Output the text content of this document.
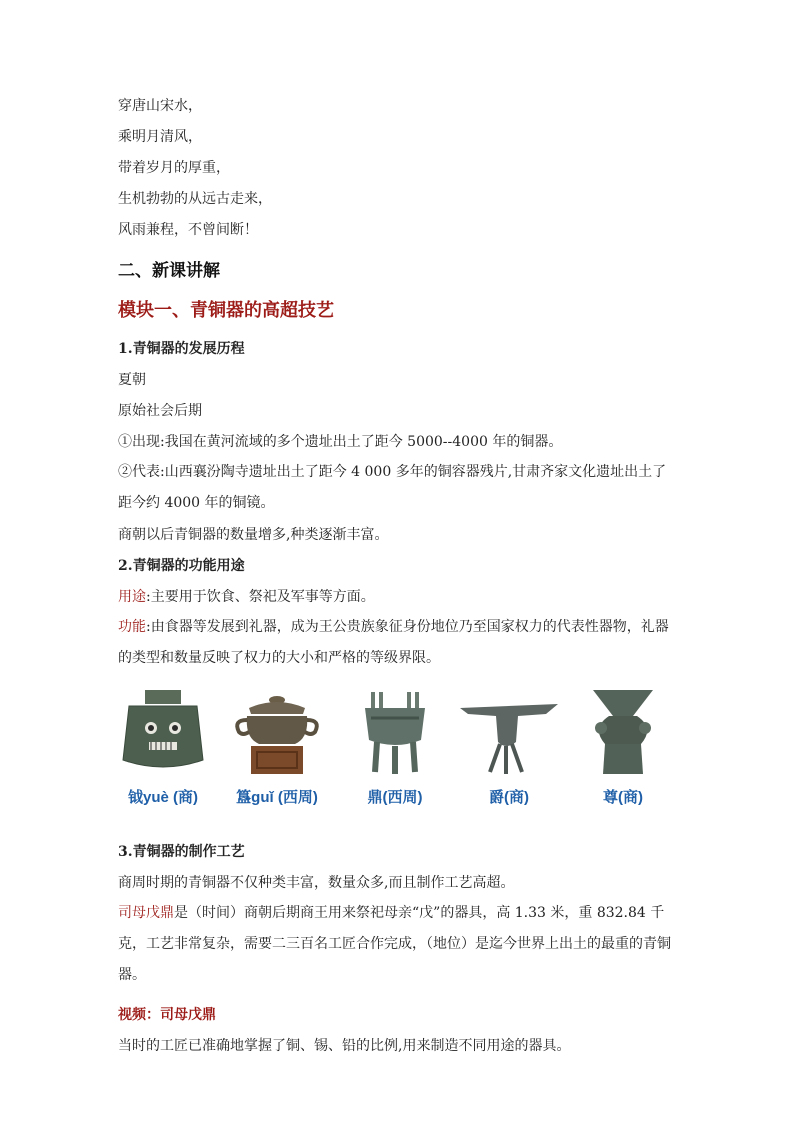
穿唐山宋水，

乘明月清风，

带着岁月的厚重，

生机勃勃的从远古走来，

风雨兼程，不曾间断！

二、新课讲解
模块一、青铜器的高超技艺
1.青铜器的发展历程

夏朝

原始社会后期

①出现:我国在黄河流域的多个遗址出土了距今 5000--4000 年的铜器。

②代表:山西襄汾陶寺遗址出土了距今 4 000 多年的铜容器残片,甘肃齐家文化遗址出土了距今约 4000 年的铜镜。

商朝以后青铜器的数量增多,种类逐渐丰富。

2.青铜器的功能用途

用途:主要用于饮食、祭祀及军事等方面。

功能:由食器等发展到礼器，成为王公贵族象征身份地位乃至国家权力的代表性器物，礼器的类型和数量反映了权力的大小和严格的等级界限。

钺yuè (商)	簋guǐ (西周)	鼎(西周)	爵(商)	尊(商)
3.青铜器的制作工艺

商周时期的青铜器不仅种类丰富，数量众多,而且制作工艺高超。

司母戊鼎是（时间）商朝后期商王用来祭祀母亲“戊”的器具，高 1.33 米，重 832.84 千克，工艺非常复杂，需要二三百名工匠合作完成，（地位）是迄今世界上出土的最重的青铜器。

视频：司母戊鼎

当时的工匠已准确地掌握了铜、锡、铅的比例,用来制造不同用途的器具。
